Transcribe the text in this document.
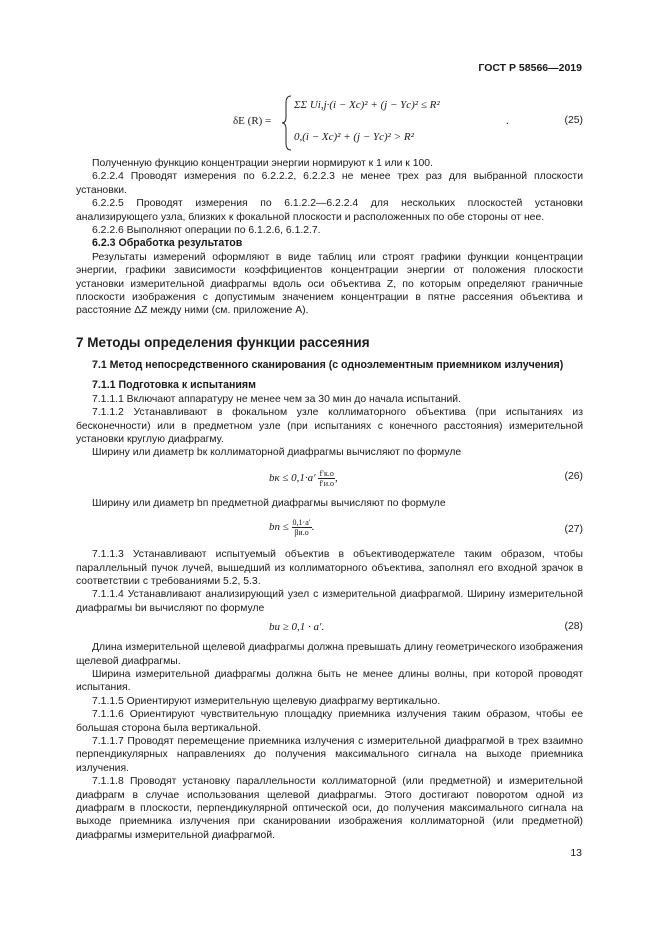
ГОСТ Р 58566—2019
δE (R) =
ΣΣ Ui,j·(i − Xc)² + (j − Yc)² ≤ R²
0,(i − Xc)² + (j − Yc)² > R²
.	(25)

Полученную функцию концентрации энергии нормируют к 1 или к 100.

6.2.2.4 Проводят измерения по 6.2.2.2, 6.2.2.3 не менее трех раз для выбранной плоскости установки.

6.2.2.5 Проводят измерения по 6.1.2.2—6.2.2.4 для нескольких плоскостей установки анализирующего узла, близких к фокальной плоскости и расположенных по обе стороны от нее.

6.2.2.6 Выполняют операции по 6.1.2.6, 6.1.2.7.

6.2.3 Обработка результатов

Результаты измерений оформляют в виде таблиц или строят графики функции концентрации энергии, графики зависимости коэффициентов концентрации энергии от положения плоскости установки измерительной диафрагмы вдоль оси объектива Z, по которым определяют граничные плоскости изображения с допустимым значением концентрации в пятне рассеяния объектива и расстояние ΔZ между ними (см. приложение А).

7 Методы определения функции рассеяния
7.1 Метод непосредственного сканирования (с одноэлементным приемником излучения)
7.1.1 Подготовка к испытаниям

7.1.1.1 Включают аппаратуру не менее чем за 30 мин до начала испытаний.

7.1.1.2 Устанавливают в фокальном узле коллиматорного объектива (при испытаниях из бесконечности) или в предметном узле (при испытаниях с конечного расстояния) измерительной установки круглую диафрагму.

Ширину или диаметр bк коллиматорной диафрагмы вычисляют по формуле

bк ≤ $0,1\cdot a' \frac{f'к.о}{f'и.о}$ ,	(26)

Ширину или диаметр bп предметной диафрагмы вычисляют по формуле

bп ≤ $\frac{0,1\cdot a'}{\beta и.о}$ .	(27)

7.1.1.3 Устанавливают испытуемый объектив в объективодержателе таким образом, чтобы параллельный пучок лучей, вышедший из коллиматорного объектива, заполнял его входной зрачок в соответствии с требованиями 5.2, 5.3.

7.1.1.4 Устанавливают анализирующий узел с измерительной диафрагмой. Ширину измерительной диафрагмы bи вычисляют по формуле

bи ≥ 0,1 · a′.	(28)

Длина измерительной щелевой диафрагмы должна превышать длину геометрического изображения щелевой диафрагмы.

Ширина измерительной диафрагмы должна быть не менее длины волны, при которой проводят испытания.

7.1.1.5 Ориентируют измерительную щелевую диафрагму вертикально.

7.1.1.6 Ориентируют чувствительную площадку приемника излучения таким образом, чтобы ее большая сторона была вертикальной.

7.1.1.7 Проводят перемещение приемника излучения с измерительной диафрагмой в трех взаимно перпендикулярных направлениях до получения максимального сигнала на выходе приемника излучения.

7.1.1.8 Проводят установку параллельности коллиматорной (или предметной) и измерительной диафрагм в случае использования щелевой диафрагмы. Этого достигают поворотом одной из диафрагм в плоскости, перпендикулярной оптической оси, до получения максимального сигнала на выходе приемника излучения при сканировании изображения коллиматорной (или предметной) диафрагмы измерительной диафрагмой.

13
